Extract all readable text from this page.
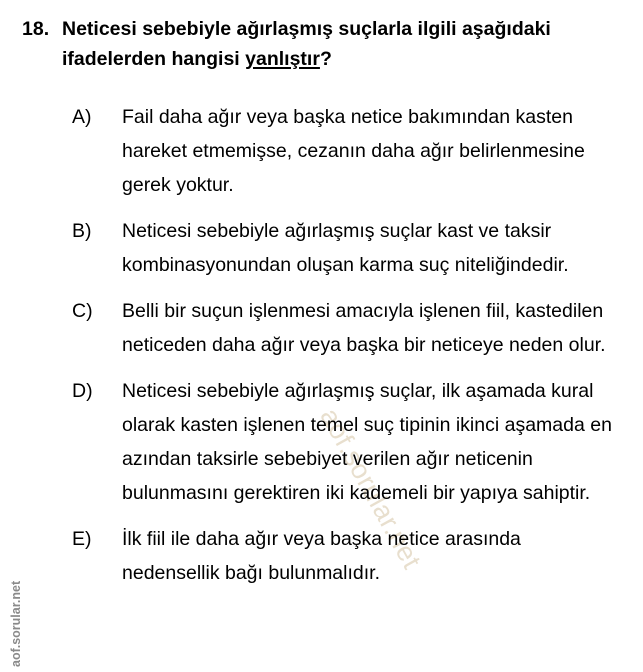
aof.sorular.net
18. Neticesi sebebiyle ağırlaşmış suçlarla ilgili aşağıdaki ifadelerden hangisi yanlıştır?
A) Fail daha ağır veya başka netice bakımından kasten hareket etmemişse, cezanın daha ağır belirlenmesine gerek yoktur.
B) Neticesi sebebiyle ağırlaşmış suçlar kast ve taksir kombinasyonundan oluşan karma suç niteliğindedir.
C) Belli bir suçun işlenmesi amacıyla işlenen fiil, kastedilen neticeden daha ağır veya başka bir neticeye neden olur.
D) Neticesi sebebiyle ağırlaşmış suçlar, ilk aşamada kural olarak kasten işlenen temel suç tipinin ikinci aşamada en azından taksirle sebebiyet verilen ağır neticenin bulunmasını gerektiren iki kademeli bir yapıya sahiptir.
E) İlk fiil ile daha ağır veya başka netice arasında nedensellik bağı bulunmalıdır.
aof.sorular.net
